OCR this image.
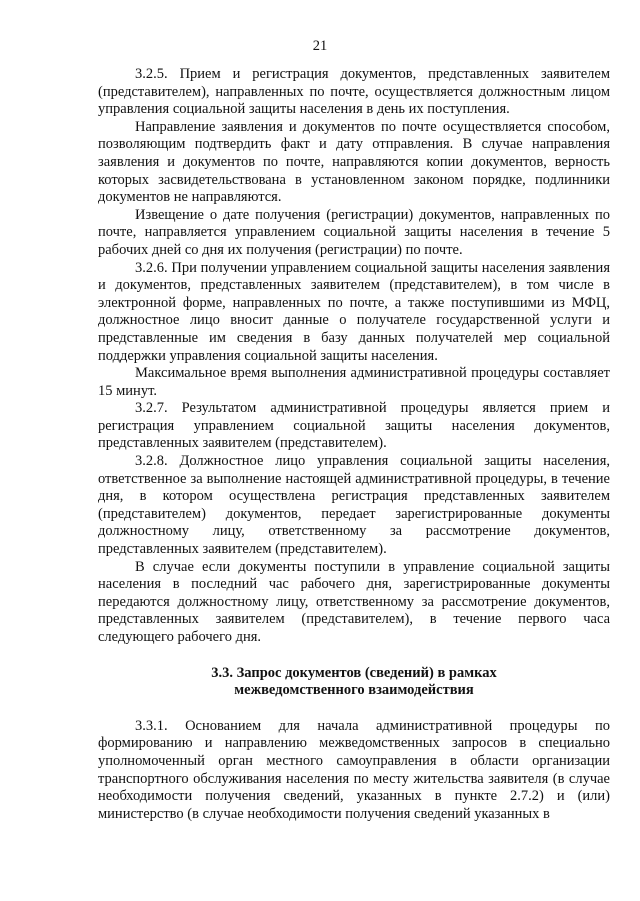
21

3.2.5. Прием и регистрация документов, представленных заявителем (представителем), направленных по почте, осуществляется должностным лицом управления социальной защиты населения в день их поступления.

Направление заявления и документов по почте осуществляется способом, позволяющим подтвердить факт и дату отправления. В случае направления заявления и документов по почте, направляются копии документов, верность которых засвидетельствована в установленном законом порядке, подлинники документов не направляются.

Извещение о дате получения (регистрации) документов, направленных по почте, направляется управлением социальной защиты населения в течение 5 рабочих дней со дня их получения (регистрации) по почте.

3.2.6. При получении управлением социальной защиты населения заявления и документов, представленных заявителем (представителем), в том числе в электронной форме, направленных по почте, а также поступившими из МФЦ, должностное лицо вносит данные о получателе государственной услуги и представленные им сведения в базу данных получателей мер социальной поддержки управления социальной защиты населения.

Максимальное время выполнения административной процедуры составляет 15 минут.

3.2.7. Результатом административной процедуры является прием и регистрация управлением социальной защиты населения документов, представленных заявителем (представителем).

3.2.8. Должностное лицо управления социальной защиты населения, ответственное за выполнение настоящей административной процедуры, в течение дня, в котором осуществлена регистрация представленных заявителем (представителем) документов, передает зарегистрированные документы должностному лицу, ответственному за рассмотрение документов, представленных заявителем (представителем).

В случае если документы поступили в управление социальной защиты населения в последний час рабочего дня, зарегистрированные документы передаются должностному лицу, ответственному за рассмотрение документов, представленных заявителем (представителем), в течение первого часа следующего рабочего дня.

3.3. Запрос документов (сведений) в рамках
межведомственного взаимодействия

3.3.1. Основанием для начала административной процедуры по формированию и направлению межведомственных запросов в специально уполномоченный орган местного самоуправления в области организации транспортного обслуживания населения по месту жительства заявителя (в случае необходимости получения сведений, указанных в пункте 2.7.2) и (или) министерство (в случае необходимости получения сведений указанных в
